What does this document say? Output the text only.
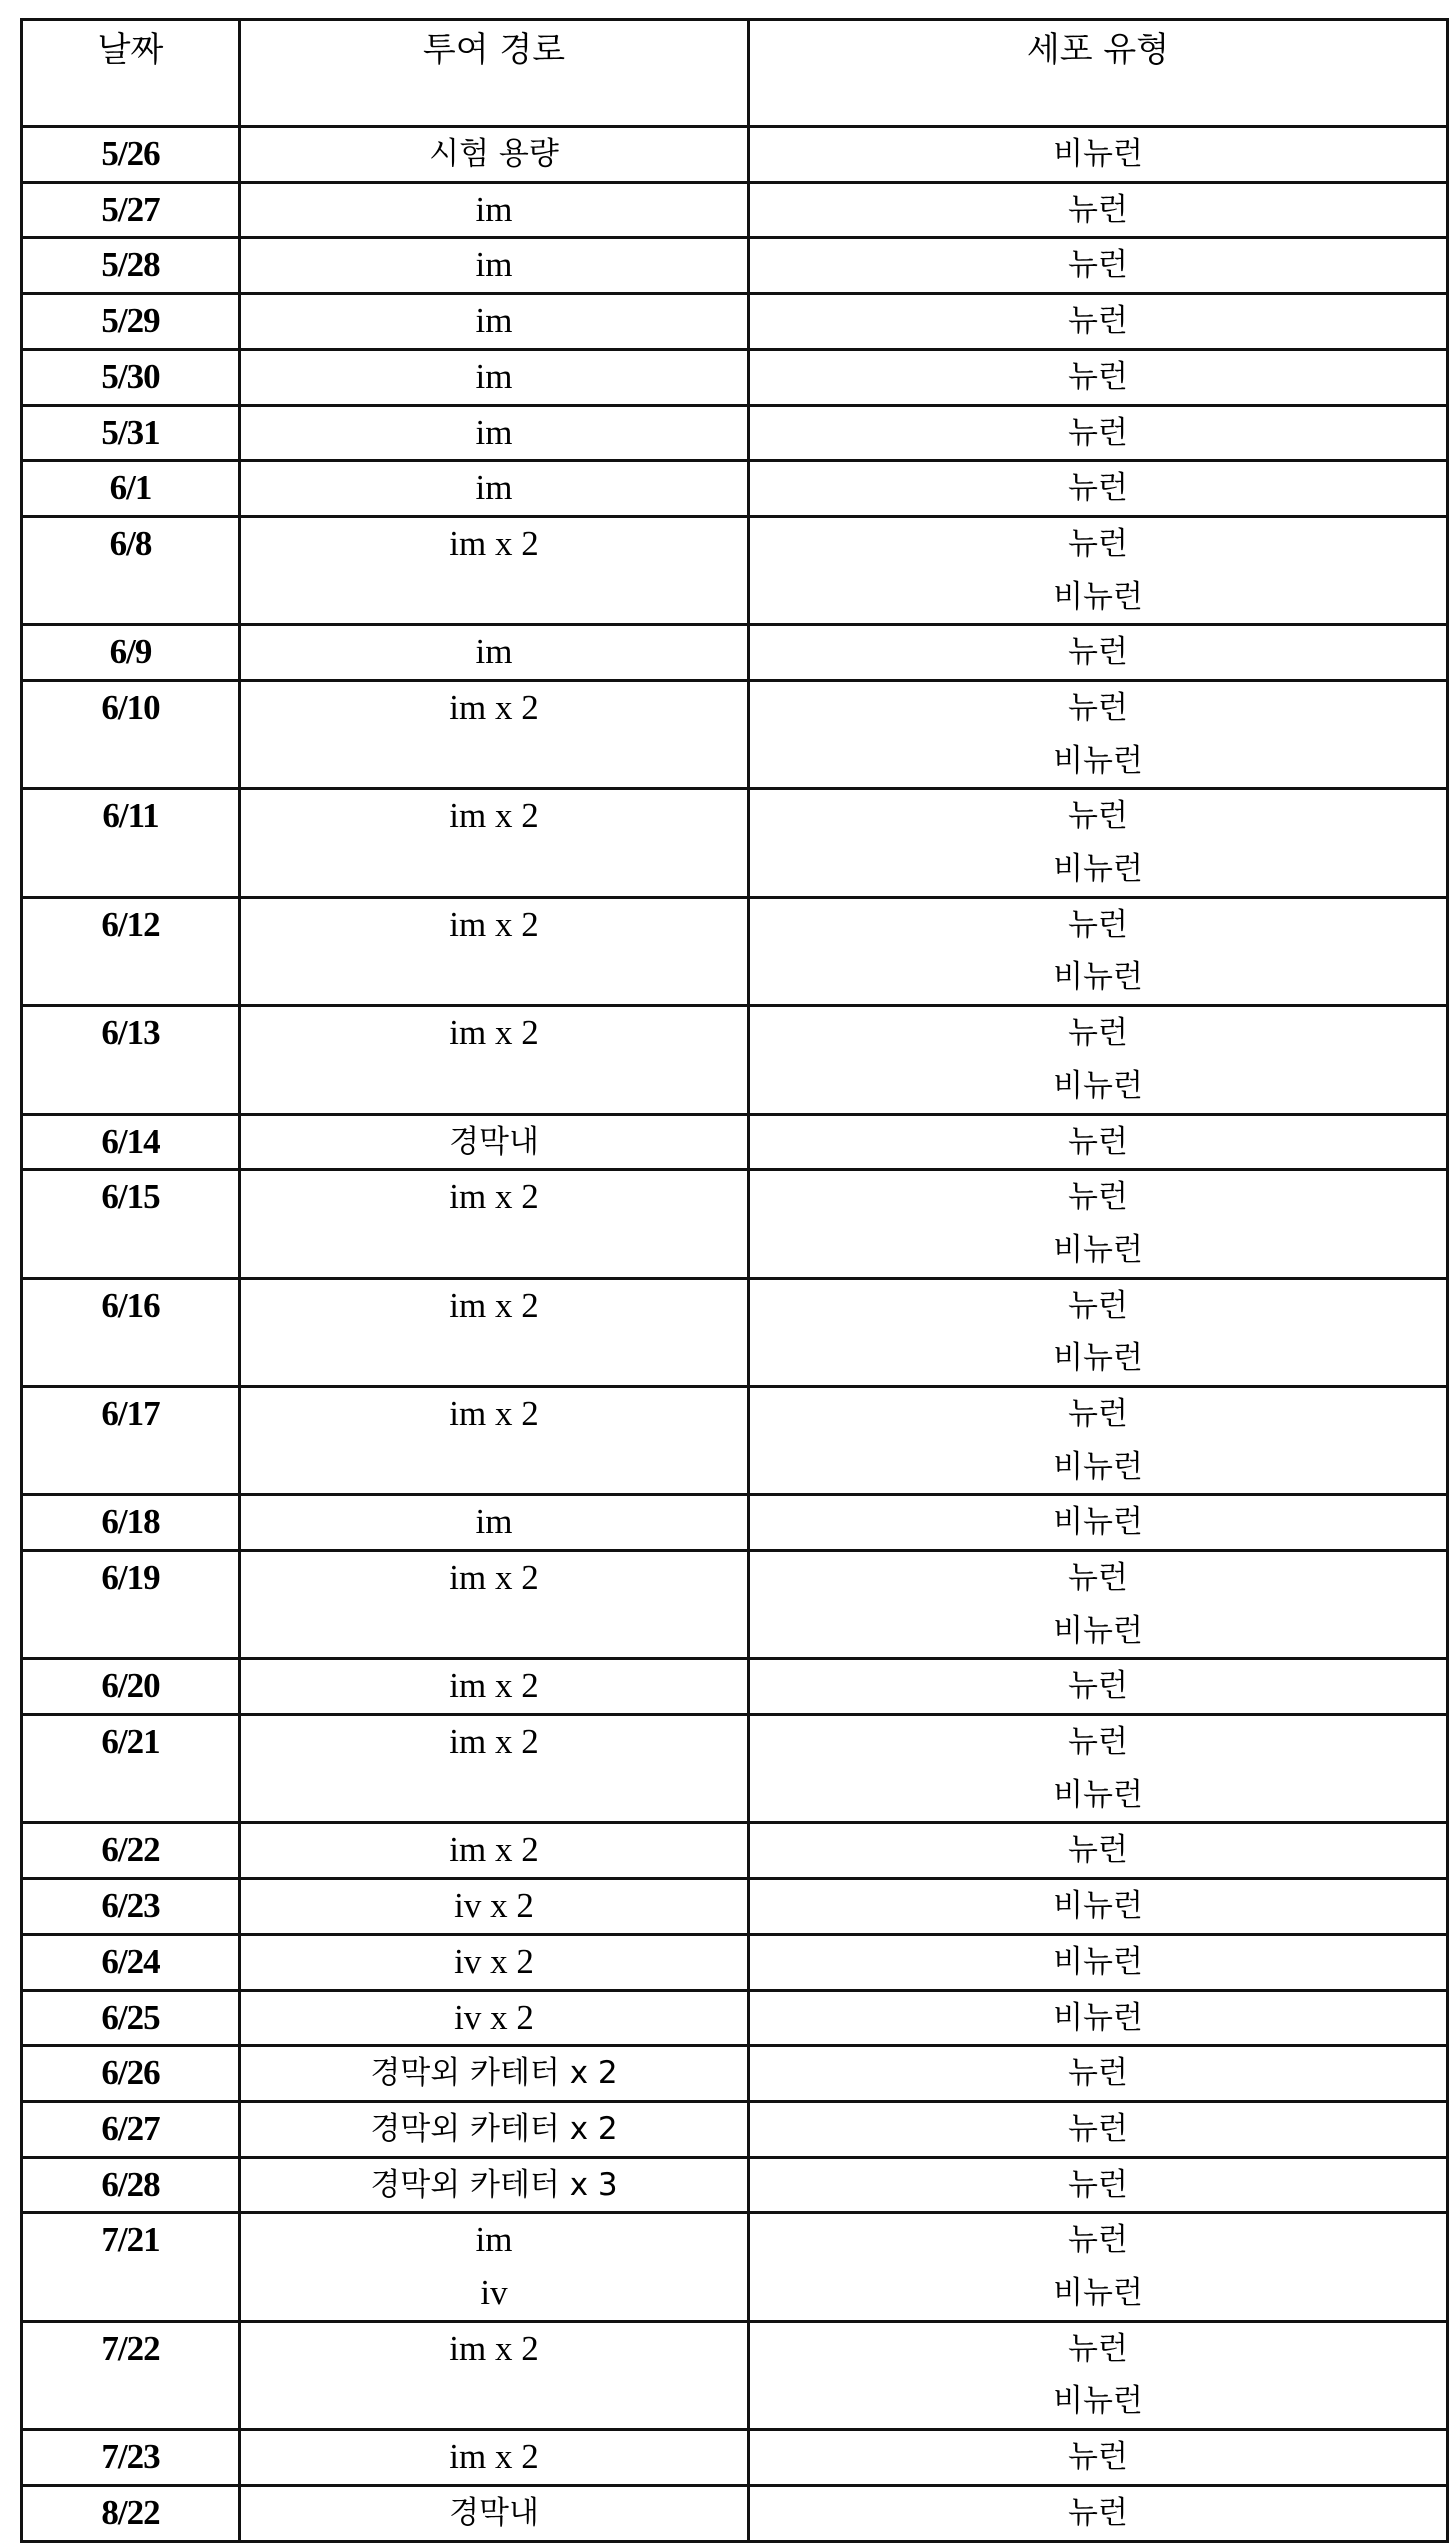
날짜	투여 경로	세포 유형
5/26	시험 용량	비뉴런

5/27	im	뉴런

5/28	im	뉴런

5/29	im	뉴런

5/30	im	뉴런

5/31	im	뉴런

6/1	im	뉴런

6/8	im x 2	뉴런
비뉴런

6/9	im	뉴런

6/10	im x 2	뉴런
비뉴런

6/11	im x 2	뉴런
비뉴런

6/12	im x 2	뉴런
비뉴런

6/13	im x 2	뉴런
비뉴런

6/14	경막내	뉴런

6/15	im x 2	뉴런
비뉴런

6/16	im x 2	뉴런
비뉴런

6/17	im x 2	뉴런
비뉴런

6/18	im	비뉴런

6/19	im x 2	뉴런
비뉴런

6/20	im x 2	뉴런

6/21	im x 2	뉴런
비뉴런

6/22	im x 2	뉴런

6/23	iv x 2	비뉴런

6/24	iv x 2	비뉴런

6/25	iv x 2	비뉴런

6/26	경막외 카테터 x 2	뉴런

6/27	경막외 카테터 x 2	뉴런

6/28	경막외 카테터 x 3	뉴런

7/21	im
iv

뉴런
비뉴런

7/22	im x 2	뉴런
비뉴런

7/23	im x 2	뉴런

8/22	경막내	뉴런
